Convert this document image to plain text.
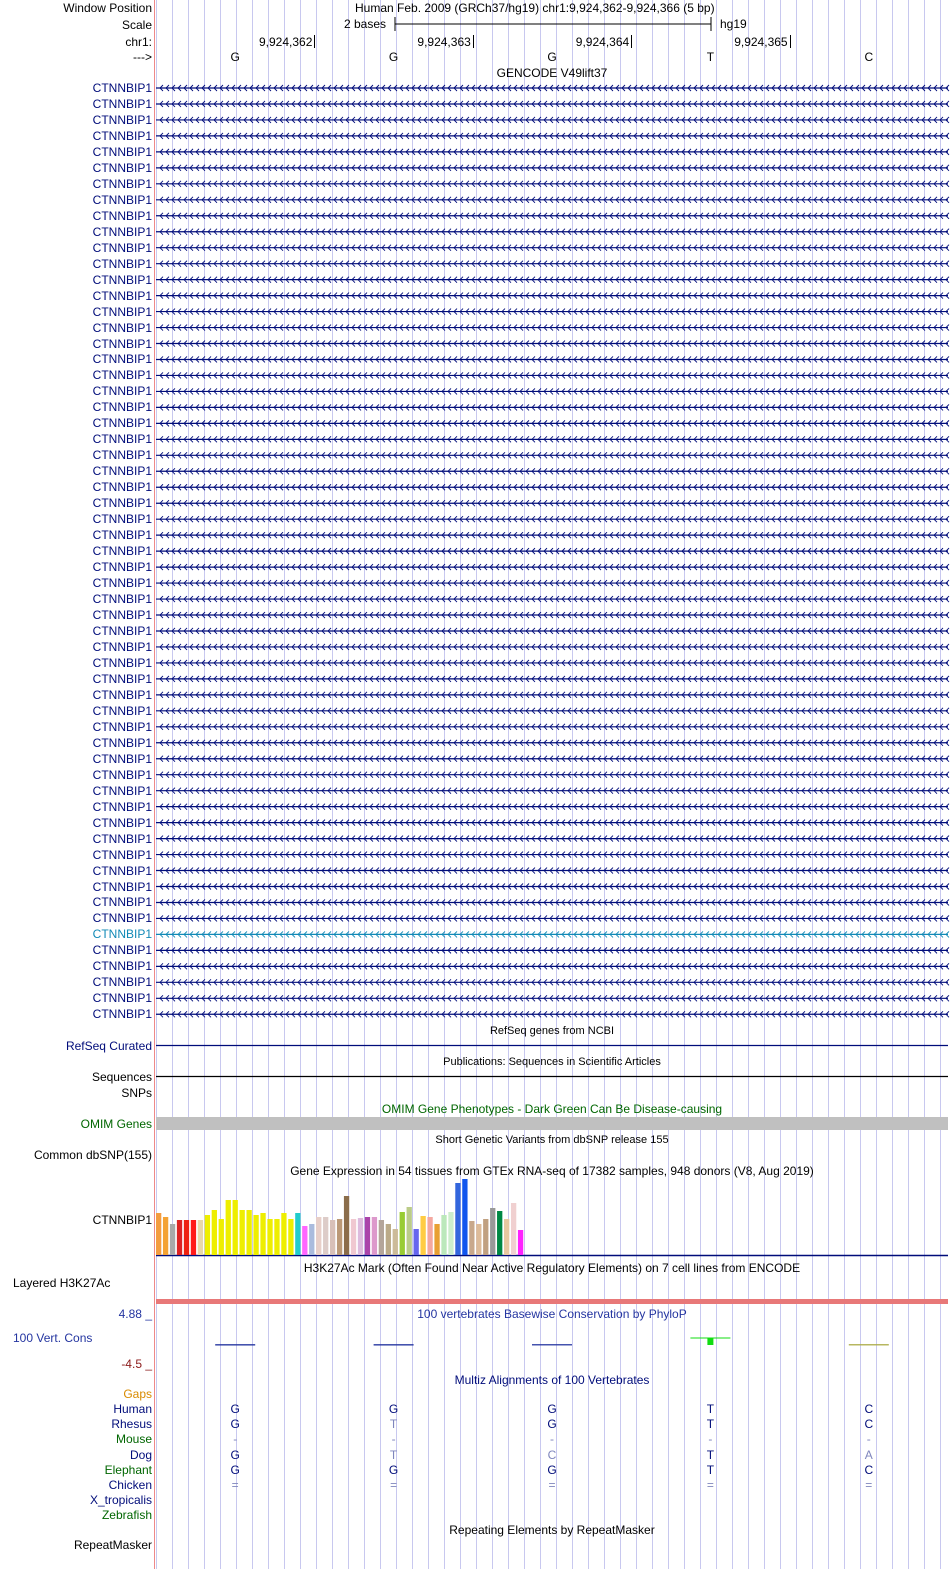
Window Position	Human Feb. 2009 (GRCh37/hg19) chr1:9,924,362-9,924,366 (5 bp)
Scale	2 bases	hg19
chr1:	9,924,362	9,924,363	9,924,364	9,924,365
--->	G	G	G	T	C
GENCODE V49lift37
CTNNBIP1
CTNNBIP1
CTNNBIP1
CTNNBIP1
CTNNBIP1
CTNNBIP1
CTNNBIP1
CTNNBIP1
CTNNBIP1
CTNNBIP1
CTNNBIP1
CTNNBIP1
CTNNBIP1
CTNNBIP1
CTNNBIP1
CTNNBIP1
CTNNBIP1
CTNNBIP1
CTNNBIP1
CTNNBIP1
CTNNBIP1
CTNNBIP1
CTNNBIP1
CTNNBIP1
CTNNBIP1
CTNNBIP1
CTNNBIP1
CTNNBIP1
CTNNBIP1
CTNNBIP1
CTNNBIP1
CTNNBIP1
CTNNBIP1
CTNNBIP1
CTNNBIP1
CTNNBIP1
CTNNBIP1
CTNNBIP1
CTNNBIP1
CTNNBIP1
CTNNBIP1
CTNNBIP1
CTNNBIP1
CTNNBIP1
CTNNBIP1
CTNNBIP1
CTNNBIP1
CTNNBIP1
CTNNBIP1
CTNNBIP1
CTNNBIP1
CTNNBIP1
CTNNBIP1
CTNNBIP1
CTNNBIP1
CTNNBIP1
CTNNBIP1
CTNNBIP1
CTNNBIP1
RefSeq genes from NCBI
RefSeq Curated
Publications: Sequences in Scientific Articles
Sequences
SNPs
OMIM Gene Phenotypes - Dark Green Can Be Disease-causing
OMIM Genes
Short Genetic Variants from dbSNP release 155
Common dbSNP(155)
Gene Expression in 54 tissues from GTEx RNA-seq of 17382 samples, 948 donors (V8, Aug 2019)
CTNNBIP1
H3K27Ac Mark (Often Found Near Active Regulatory Elements) on 7 cell lines from ENCODE
Layered H3K27Ac
100 vertebrates Basewise Conservation by PhyloP
4.88 _
100 Vert. Cons
-4.5 _
Multiz Alignments of 100 Vertebrates
Gaps
Human	G	G	G	T	C
Rhesus	G	T	G	T	C
Mouse	-	-	-	-	-
Dog	G	T	C	T	A
Elephant	G	G	G	T	C
Chicken	=	=	=	=	=
X_tropicalis
Zebrafish
Repeating Elements by RepeatMasker
RepeatMasker
